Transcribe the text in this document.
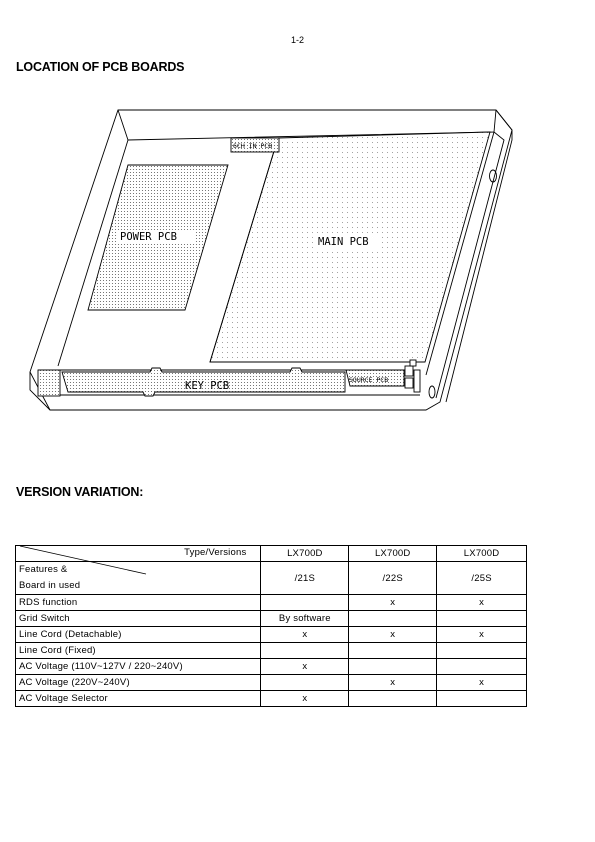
1-2
LOCATION OF PCB BOARDS
POWER PCB	MAIN PCB
KEY PCB	SOURCE PCB
6CH IN PCB
VERSION VARIATION:
Type/Versions	LX700D	LX700D	LX700D

Features &
Board in used	/21S	/22S	/25S
RDS function		x	x
Grid Switch	By software		
Line Cord (Detachable)	x	x	x
Line Cord (Fixed)			
AC Voltage (110V~127V / 220~240V)	x		
AC Voltage (220V~240V)		x	x
AC Voltage Selector	x		
